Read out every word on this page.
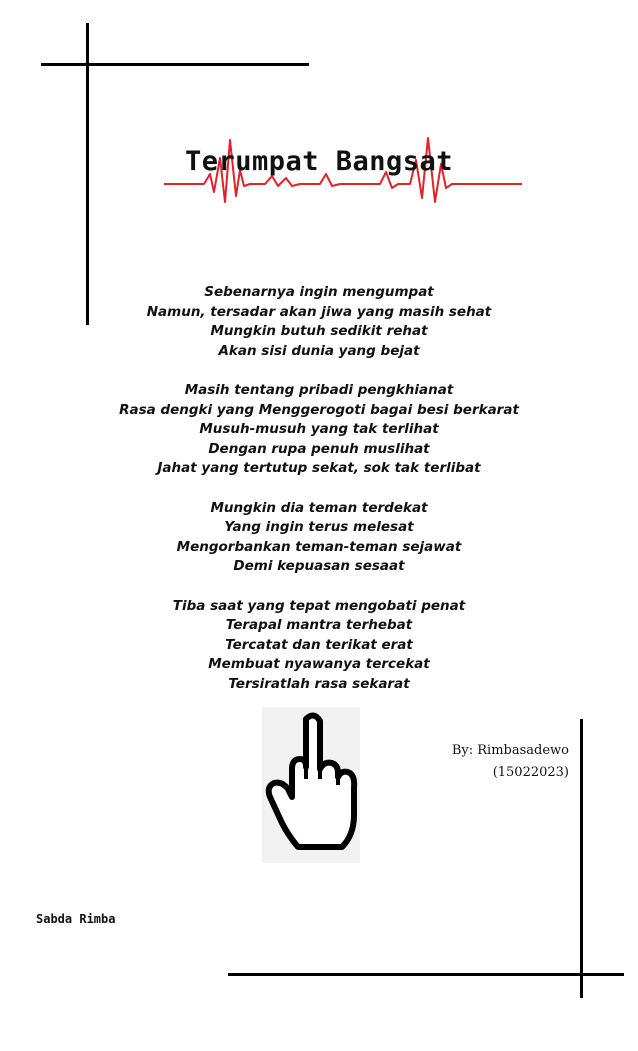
Terumpat Bangsat
Sebenarnya ingin mengumpat
Namun, tersadar akan jiwa yang masih sehat
Mungkin butuh sedikit rehat
Akan sisi dunia yang bejat
Masih tentang pribadi pengkhianat
Rasa dengki yang Menggerogoti bagai besi berkarat
Musuh-musuh yang tak terlihat
Dengan rupa penuh muslihat
Jahat yang tertutup sekat, sok tak terlibat
Mungkin dia teman terdekat
Yang ingin terus melesat
Mengorbankan teman-teman sejawat
Demi kepuasan sesaat
Tiba saat yang tepat mengobati penat
Terapal mantra terhebat
Tercatat dan terikat erat
Membuat nyawanya tercekat
Tersiratlah rasa sekarat
By: Rimbasadewo
(15022023)
Sabda Rimba
